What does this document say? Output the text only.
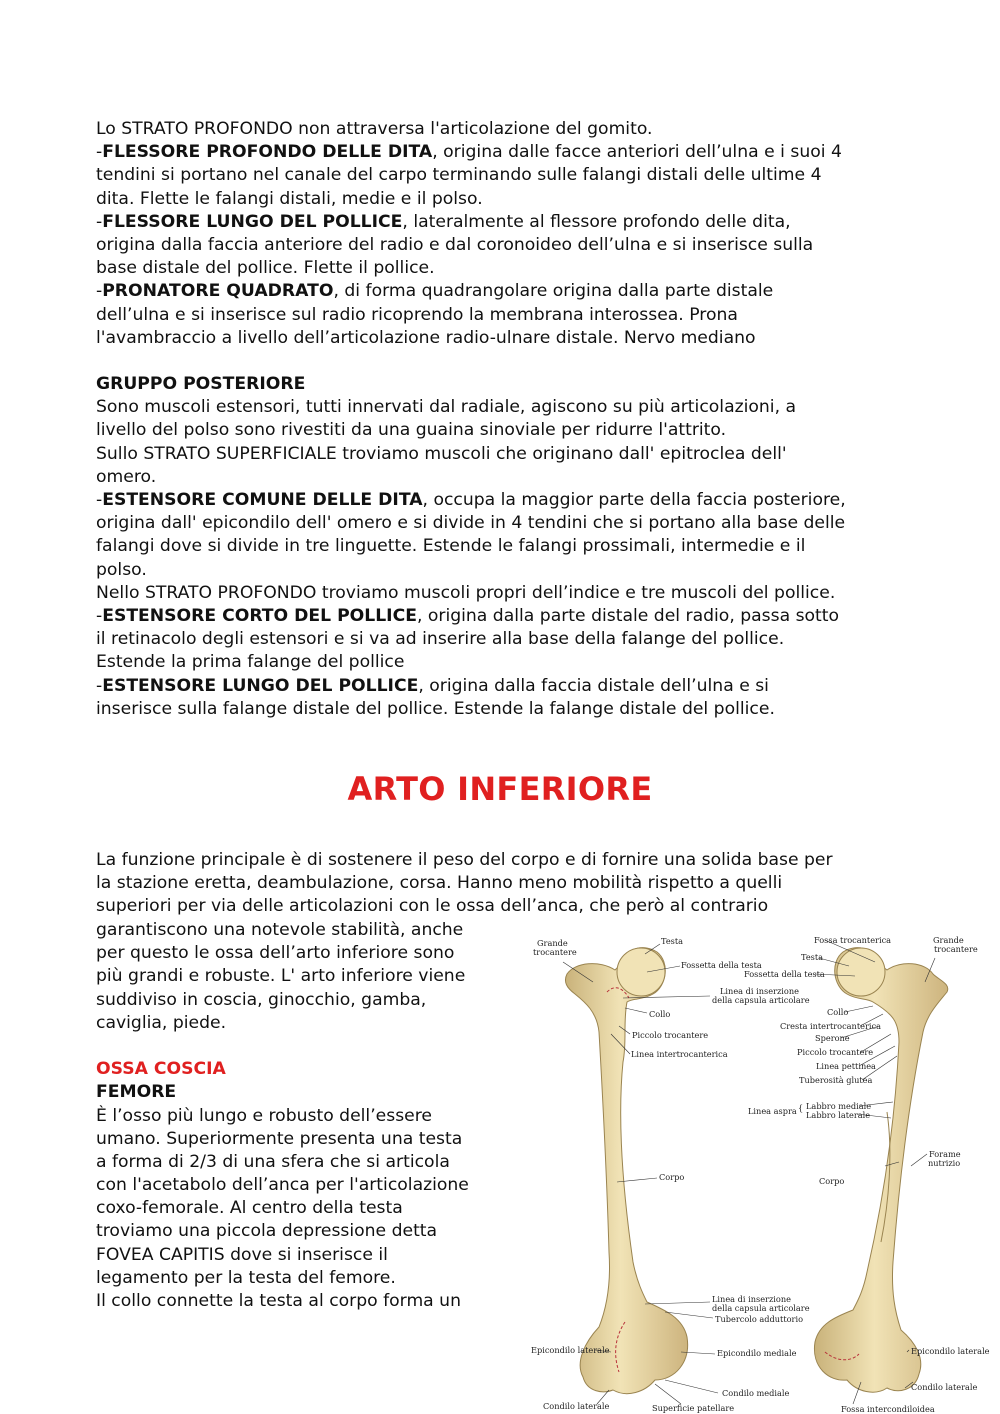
Lo STRATO PROFONDO non attraversa l'articolazione del gomito.
-FLESSORE PROFONDO DELLE DITA, origina dalle facce anteriori dell’ulna e i suoi 4
tendini si portano nel canale del carpo terminando sulle falangi distali delle ultime 4
dita. Flette le falangi distali, medie e il polso.
-FLESSORE LUNGO DEL POLLICE, lateralmente al flessore profondo delle dita,
origina dalla faccia anteriore del radio e dal coronoideo dell’ulna e si inserisce sulla
base distale del pollice. Flette il pollice.
-PRONATORE QUADRATO, di forma quadrangolare origina dalla parte distale
dell’ulna e si inserisce sul radio ricoprendo la membrana interossea. Prona
l'avambraccio a livello dell’articolazione radio-ulnare distale. Nervo mediano
GRUPPO POSTERIORE
Sono muscoli estensori, tutti innervati dal radiale, agiscono su più articolazioni, a
livello del polso sono rivestiti da una guaina sinoviale per ridurre l'attrito.
Sullo STRATO SUPERFICIALE troviamo muscoli che originano dall' epitroclea dell'
omero.
-ESTENSORE COMUNE DELLE DITA, occupa la maggior parte della faccia posteriore,
origina dall' epicondilo dell' omero e si divide in 4 tendini che si portano alla base delle
falangi dove si divide in tre linguette. Estende le falangi prossimali, intermedie e il
polso.
Nello STRATO PROFONDO troviamo muscoli propri dell’indice e tre muscoli del pollice.
-ESTENSORE CORTO DEL POLLICE, origina dalla parte distale del radio, passa sotto
il retinacolo degli estensori e si va ad inserire alla base della falange del pollice.
Estende la prima falange del pollice
-ESTENSORE LUNGO DEL POLLICE, origina dalla faccia distale dell’ulna e si
inserisce sulla falange distale del pollice. Estende la falange distale del pollice.
ARTO INFERIORE
La funzione principale è di sostenere il peso del corpo e di fornire una solida base per
la stazione eretta, deambulazione, corsa. Hanno meno mobilità rispetto a quelli
superiori per via delle articolazioni con le ossa dell’anca, che però al contrario
garantiscono una notevole stabilità, anche
per questo le ossa dell’arto inferiore sono
più grandi e robuste. L' arto inferiore viene
suddiviso in coscia, ginocchio, gamba,
caviglia, piede.
OSSA COSCIA
FEMORE
È l’osso più lungo e robusto dell’essere
umano. Superiormente presenta una testa
a forma di 2/3 di una sfera che si articola
con l'acetabolo dell’anca per l'articolazione
coxo-femorale. Al centro della testa
troviamo una piccola depressione detta
FOVEA CAPITIS dove si inserisce il
legamento per la testa del femore.
Il collo connette la testa al corpo forma un
Grande
trocantere
Testa
Fossetta della testa
Linea di inserzione
della capsula articolare
Collo
Piccolo trocantere
Linea intertrocanterica
Corpo
Linea di inserzione
della capsula articolare
Tubercolo adduttorio
Epicondilo laterale	Epicondilo mediale
Condilo mediale
Condilo laterale	Superficie patellare
Fossa trocanterica	Grande
trocantere
Testa
Fossetta della testa
Collo
Cresta intertrocanterica
Sperone
Piccolo trocantere
Linea pettinea
Tuberosità glutea
Linea aspra { Labbro mediale
Labbro laterale
Corpo
Forame
nutrizio
Epicondilo laterale
Condilo laterale
Fossa intercondiloidea
